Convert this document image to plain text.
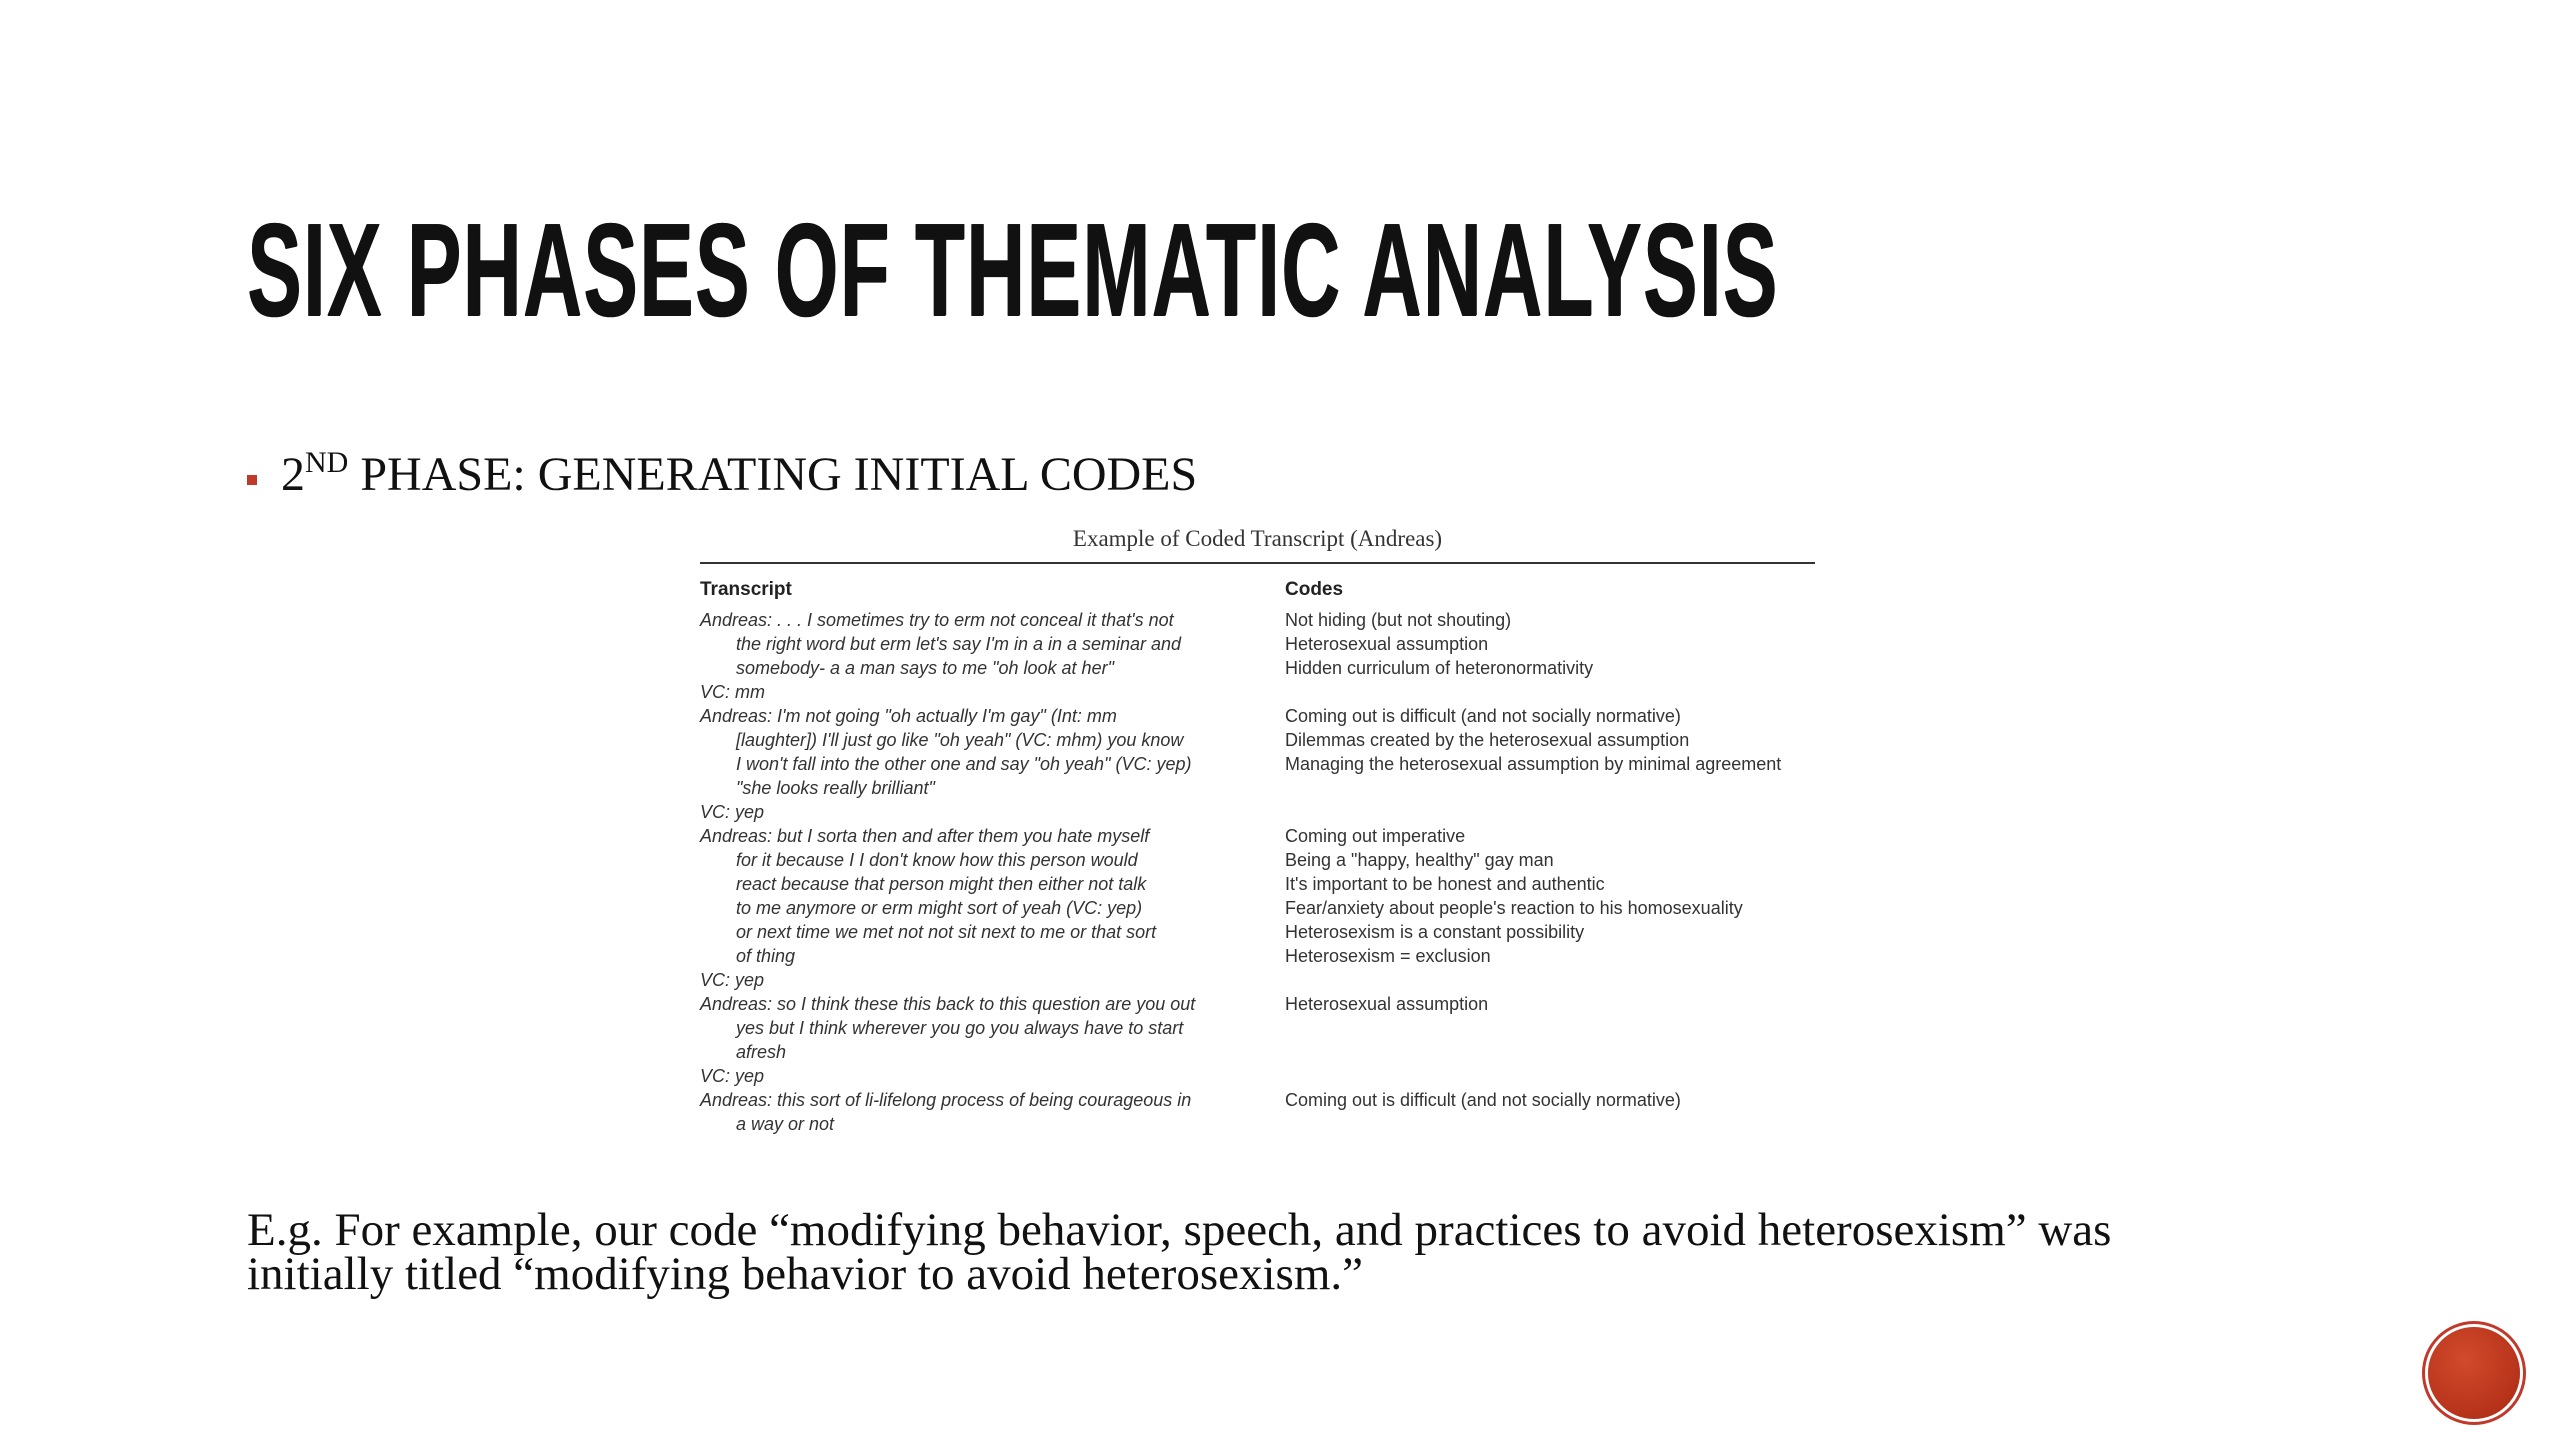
SIX PHASES OF THEMATIC ANALYSIS
2ND PHASE: GENERATING INITIAL CODES
Example of Coded Transcript (Andreas)
Transcript	Codes
Andreas: . . . I sometimes try to erm not conceal it that's not
the right word but erm let's say I'm in a in a seminar and
somebody- a a man says to me "oh look at her"
Not hiding (but not shouting)
Heterosexual assumption
Hidden curriculum of heteronormativity
VC: mm
Andreas: I'm not going "oh actually I'm gay" (Int: mm
[laughter]) I'll just go like "oh yeah" (VC: mhm) you know
I won't fall into the other one and say "oh yeah" (VC: yep)
"she looks really brilliant"
Coming out is difficult (and not socially normative)
Dilemmas created by the heterosexual assumption
Managing the heterosexual assumption by minimal agreement
VC: yep
Andreas: but I sorta then and after them you hate myself
for it because I I don't know how this person would
react because that person might then either not talk
to me anymore or erm might sort of yeah (VC: yep)
or next time we met not not sit next to me or that sort
of thing
Coming out imperative
Being a "happy, healthy" gay man
It's important to be honest and authentic
Fear/anxiety about people's reaction to his homosexuality
Heterosexism is a constant possibility
Heterosexism = exclusion
VC: yep
Andreas: so I think these this back to this question are you out
yes but I think wherever you go you always have to start
afresh
Heterosexual assumption
VC: yep
Andreas: this sort of li-lifelong process of being courageous in
a way or not
Coming out is difficult (and not socially normative)

E.g. For example, our code “modifying behavior, speech, and practices to avoid heterosexism” was initially titled “modifying behavior to avoid heterosexism.”
